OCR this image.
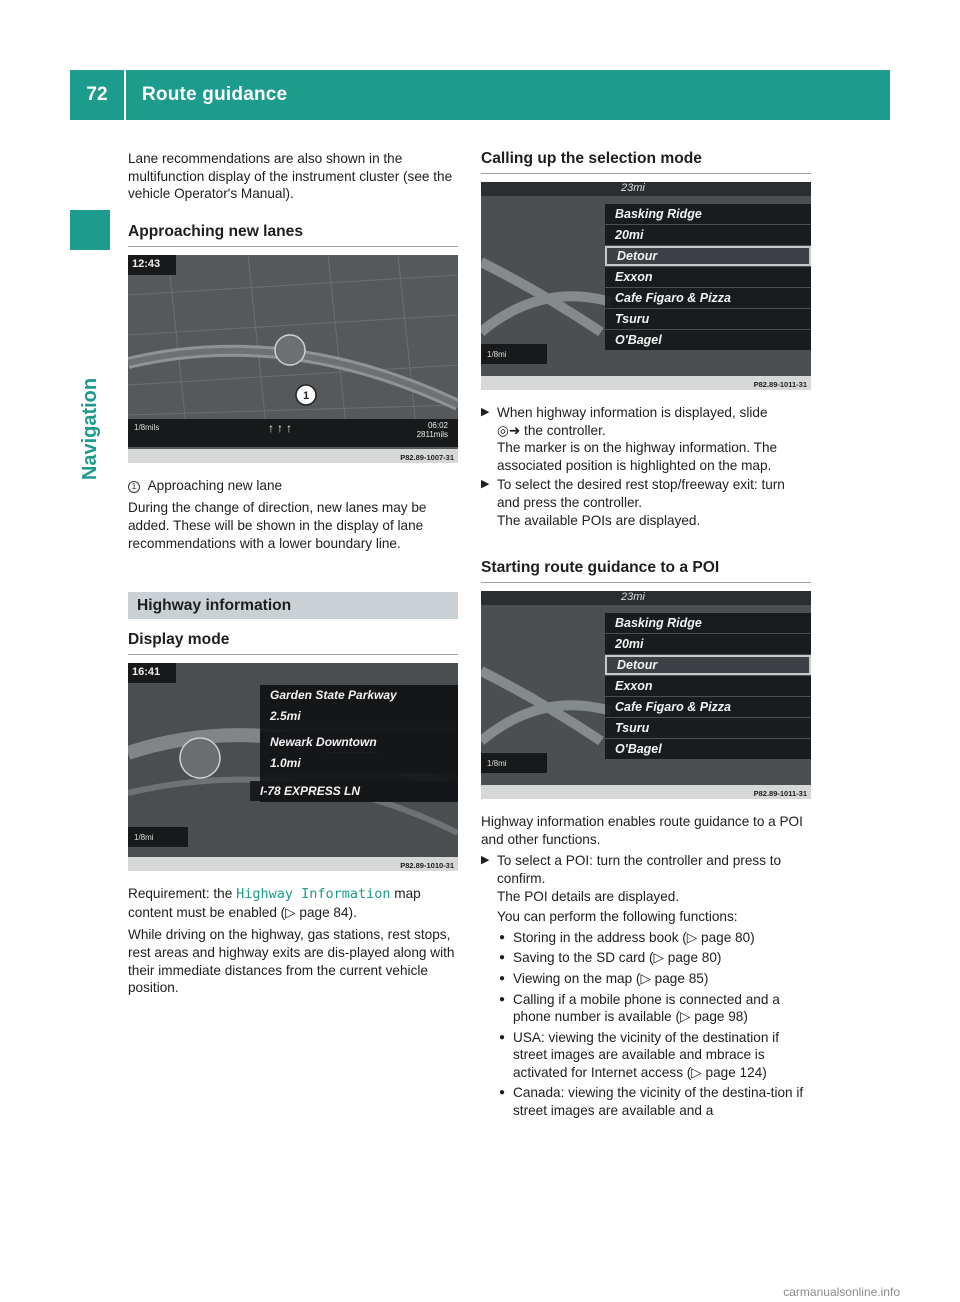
72	Route guidance
Navigation

Lane recommendations are also shown in the multifunction display of the instrument cluster (see the vehicle Operator's Manual).

Approaching new lanes
1
12:43
1/8mils	↑↑↑	06:02
2811mils
P82.89-1007-31

1 Approaching new lane

During the change of direction, new lanes may be added. These will be shown in the display of lane recommendations with a lower boundary line.

Highway information
Display mode
16:41
Garden State Parkway
2.5mi
Newark Downtown
1.0mi
I-78 EXPRESS LN
1/8mi
P82.89-1010-31

Requirement: the Highway Information map content must be enabled (▷ page 84).

While driving on the highway, gas stations, rest stops, rest areas and highway exits are dis-played along with their immediate distances from the current vehicle position.

Calling up the selection mode
23mi
Basking Ridge
20mi
Detour
Exxon
Cafe Figaro & Pizza
Tsuru
O'Bagel
1/8mi
P82.89-1011-31
▶ When highway information is displayed, slide
◎➜ the controller.
The marker is on the highway information. The associated position is highlighted on the map.
▶ To select the desired rest stop/freeway exit: turn and press the controller.
The available POIs are displayed.
Starting route guidance to a POI
23mi
Basking Ridge
20mi
Detour
Exxon
Cafe Figaro & Pizza
Tsuru
O'Bagel
1/8mi
P82.89-1011-31

Highway information enables route guidance to a POI and other functions.

▶ To select a POI: turn the controller and press to confirm.
The POI details are displayed.
You can perform the following functions:
● Storing in the address book (▷ page 80)
● Saving to the SD card (▷ page 80)
● Viewing on the map (▷ page 85)
● Calling if a mobile phone is connected and a phone number is available (▷ page 98)
● USA: viewing the vicinity of the destination if street images are available and mbrace is activated for Internet access (▷ page 124)
● Canada: viewing the vicinity of the destina-tion if street images are available and a
carmanualsonline.info
